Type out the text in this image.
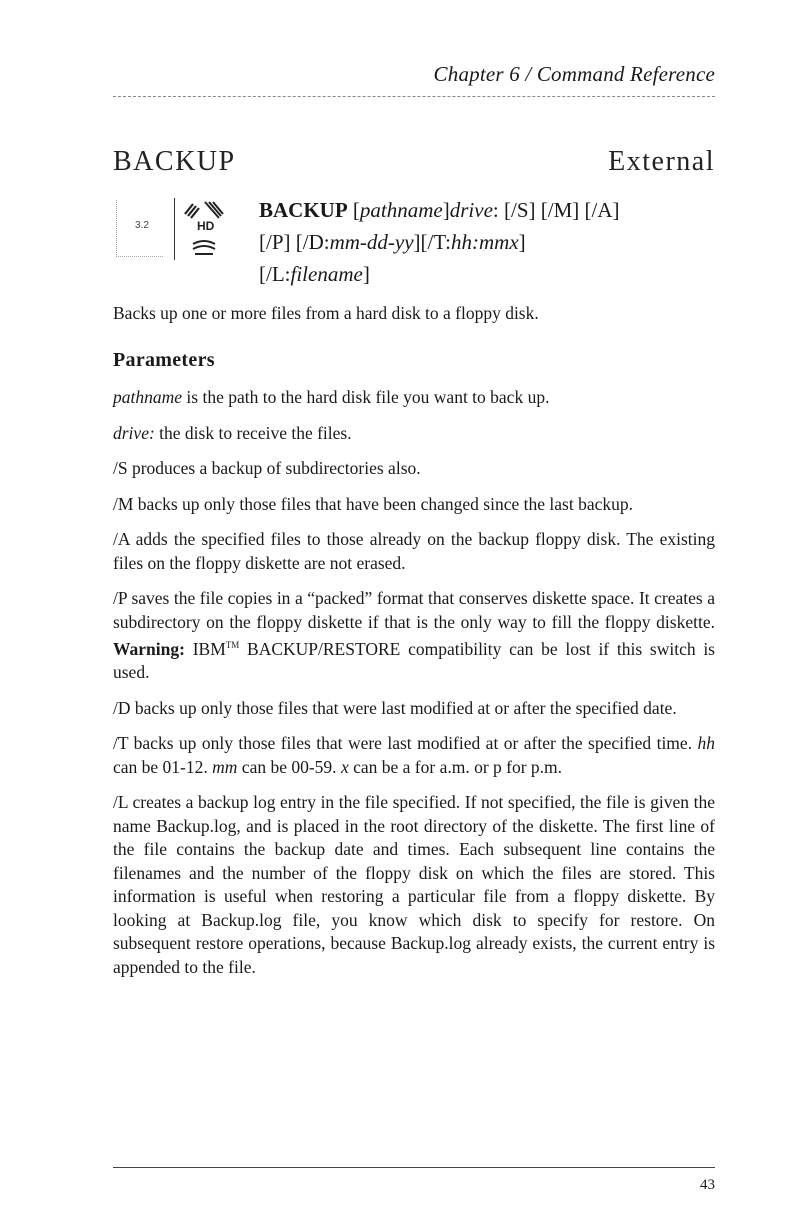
Chapter 6 / Command Reference
BACKUP	External
3.2	HD
BACKUP [pathname]drive: [/S] [/M] [/A]
[/P] [/D:mm-dd-yy][/T:hh:mmx]
[/L:filename]
Backs up one or more files from a hard disk to a floppy disk.
Parameters

pathname is the path to the hard disk file you want to back up.

drive: the disk to receive the files.

/S produces a backup of subdirectories also.

/M backs up only those files that have been changed since the last backup.

/A adds the specified files to those already on the backup floppy disk. The existing files on the floppy diskette are not erased.

/P saves the file copies in a “packed” format that conserves diskette space. It creates a subdirectory on the floppy diskette if that is the only way to fill the floppy diskette. Warning: IBM™ BACKUP/RESTORE compatibility can be lost if this switch is used.

/D backs up only those files that were last modified at or after the specified date.

/T backs up only those files that were last modified at or after the specified time. hh can be 01-12. mm can be 00-59. x can be a for a.m. or p for p.m.

/L creates a backup log entry in the file specified. If not specified, the file is given the name Backup.log, and is placed in the root directory of the diskette. The first line of the file contains the backup date and times. Each subsequent line contains the filenames and the number of the floppy disk on which the files are stored. This information is useful when restoring a particular file from a floppy diskette. By looking at Backup.log file, you know which disk to specify for restore. On subsequent restore operations, because Backup.log already exists, the current entry is appended to the file.

43
